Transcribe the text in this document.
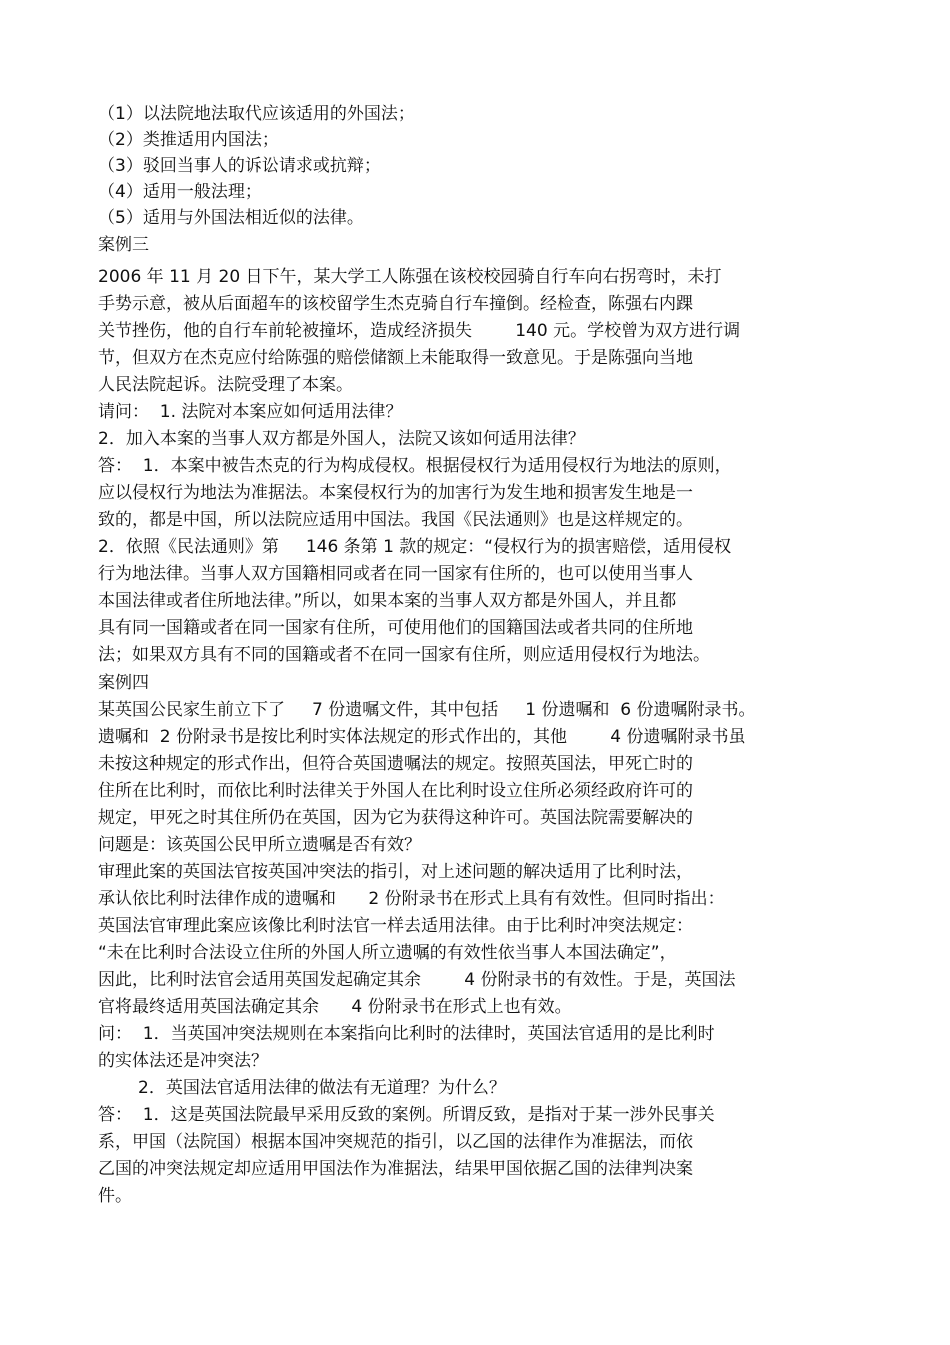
（1）以法院地法取代应该适用的外国法；
（2）类推适用内国法；
（3）驳回当事人的诉讼请求或抗辩；
（4）适用一般法理；
（5）适用与外国法相近似的法律。
案例三
2006 年 11 月 20 日下午，某大学工人陈强在该校校园骑自行车向右拐弯时，未打
手势示意，被从后面超车的该校留学生杰克骑自行车撞倒。经检查，陈强右内踝
关节挫伤，他的自行车前轮被撞坏，造成经济损失        140 元。学校曾为双方进行调
节，但双方在杰克应付给陈强的赔偿储额上未能取得一致意见。于是陈强向当地
人民法院起诉。法院受理了本案。
请问：  1. 法院对本案应如何适用法律？
2．加入本案的当事人双方都是外国人，法院又该如何适用法律？
答：  1．本案中被告杰克的行为构成侵权。根据侵权行为适用侵权行为地法的原则，
应以侵权行为地法为准据法。本案侵权行为的加害行为发生地和损害发生地是一
致的，都是中国，所以法院应适用中国法。我国《民法通则》也是这样规定的。
2．依照《民法通则》第     146 条第 1 款的规定：“侵权行为的损害赔偿，适用侵权
行为地法律。当事人双方国籍相同或者在同一国家有住所的，也可以使用当事人
本国法律或者住所地法律。”所以，如果本案的当事人双方都是外国人，并且都
具有同一国籍或者在同一国家有住所，可使用他们的国籍国法或者共同的住所地
法；如果双方具有不同的国籍或者不在同一国家有住所，则应适用侵权行为地法。
案例四
某英国公民家生前立下了     7 份遗嘱文件，其中包括     1 份遗嘱和  6 份遗嘱附录书。
遗嘱和  2 份附录书是按比利时实体法规定的形式作出的，其他        4 份遗嘱附录书虽
未按这种规定的形式作出，但符合英国遗嘱法的规定。按照英国法，甲死亡时的
住所在比利时，而依比利时法律关于外国人在比利时设立住所必须经政府许可的
规定，甲死之时其住所仍在英国，因为它为获得这种许可。英国法院需要解决的
问题是：该英国公民甲所立遗嘱是否有效？
审理此案的英国法官按英国冲突法的指引，对上述问题的解决适用了比利时法，
承认依比利时法律作成的遗嘱和      2 份附录书在形式上具有有效性。但同时指出：
英国法官审理此案应该像比利时法官一样去适用法律。由于比利时冲突法规定：
“未在比利时合法设立住所的外国人所立遗嘱的有效性依当事人本国法确定”，
因此，比利时法官会适用英国发起确定其余        4 份附录书的有效性。于是，英国法
官将最终适用英国法确定其余      4 份附录书在形式上也有效。
问：  1．当英国冲突法规则在本案指向比利时的法律时，英国法官适用的是比利时
的实体法还是冲突法？
2．英国法官适用法律的做法有无道理？为什么？
答：  1．这是英国法院最早采用反致的案例。所谓反致，是指对于某一涉外民事关
系，甲国（法院国）根据本国冲突规范的指引，以乙国的法律作为准据法，而依
乙国的冲突法规定却应适用甲国法作为准据法，结果甲国依据乙国的法律判决案
件。
